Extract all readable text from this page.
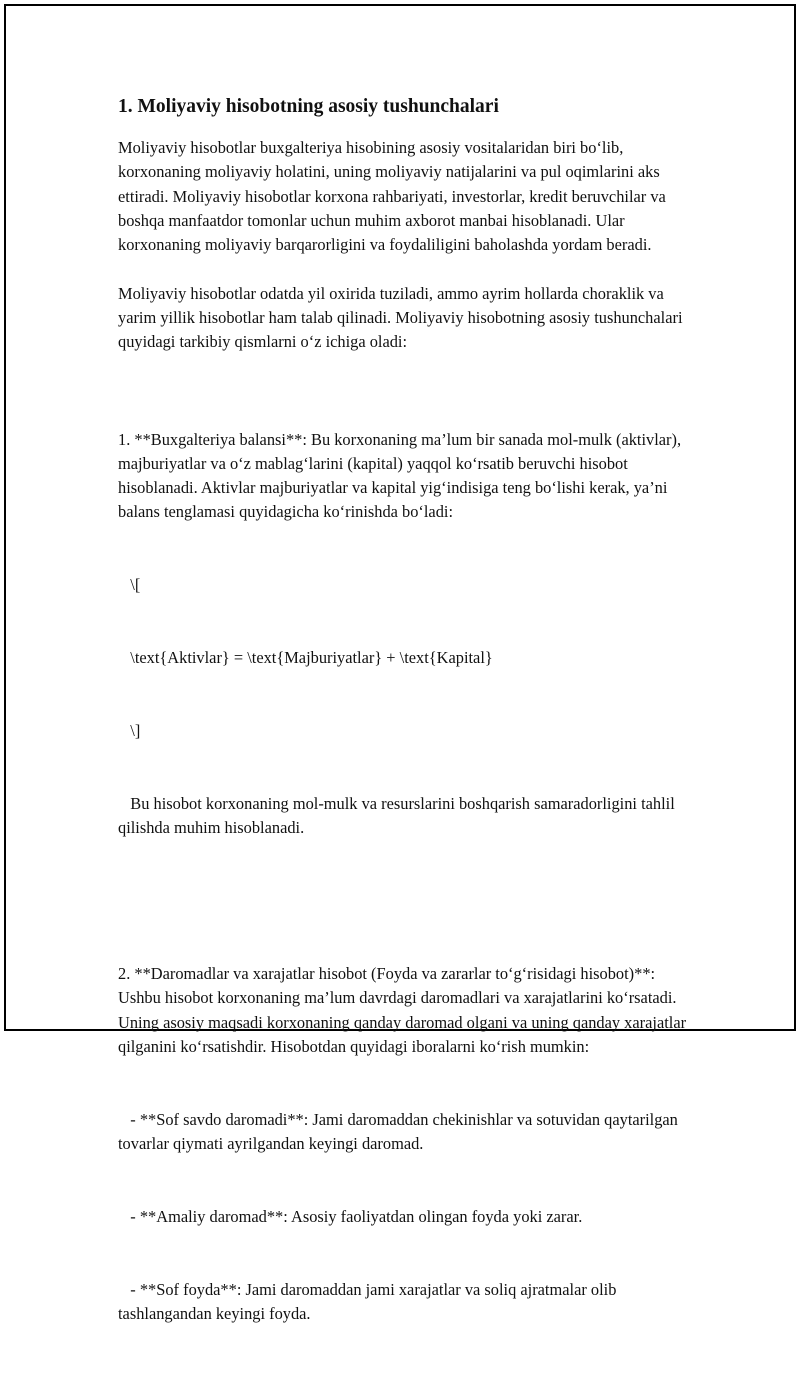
1. Moliyaviy hisobotning asosiy tushunchalari

Moliyaviy hisobotlar buxgalteriya hisobining asosiy vositalaridan biri bo‘lib, korxonaning moliyaviy holatini, uning moliyaviy natijalarini va pul oqimlarini aks ettiradi. Moliyaviy hisobotlar korxona rahbariyati, investorlar, kredit beruvchilar va boshqa manfaatdor tomonlar uchun muhim axborot manbai hisoblanadi. Ular korxonaning moliyaviy barqarorligini va foydaliligini baholashda yordam beradi.

Moliyaviy hisobotlar odatda yil oxirida tuziladi, ammo ayrim hollarda choraklik va yarim yillik hisobotlar ham talab qilinadi. Moliyaviy hisobotning asosiy tushunchalari quyidagi tarkibiy qismlarni o‘z ichiga oladi:

1. **Buxgalteriya balansi**: Bu korxonaning ma’lum bir sanada mol-mulk (aktivlar), majburiyatlar va o‘z mablag‘larini (kapital) yaqqol ko‘rsatib beruvchi hisobot hisoblanadi. Aktivlar majburiyatlar va kapital yig‘indisiga teng bo‘lishi kerak, ya’ni balans tenglamasi quyidagicha ko‘rinishda bo‘ladi:

\[

\text{Aktivlar} = \text{Majburiyatlar} + \text{Kapital}

\]

Bu hisobot korxonaning mol-mulk va resurslarini boshqarish samaradorligini tahlil qilishda muhim hisoblanadi.

2. **Daromadlar va xarajatlar hisobot (Foyda va zararlar to‘g‘risidagi hisobot)**: Ushbu hisobot korxonaning ma’lum davrdagi daromadlari va xarajatlarini ko‘rsatadi. Uning asosiy maqsadi korxonaning qanday daromad olgani va uning qanday xarajatlar qilganini ko‘rsatishdir. Hisobotdan quyidagi iboralarni ko‘rish mumkin:

- **Sof savdo daromadi**: Jami daromaddan chekinishlar va sotuvidan qaytarilgan tovarlar qiymati ayrilgandan keyingi daromad.

- **Amaliy daromad**: Asosiy faoliyatdan olingan foyda yoki zarar.

- **Sof foyda**: Jami daromaddan jami xarajatlar va soliq ajratmalar olib tashlangandan keyingi foyda.
